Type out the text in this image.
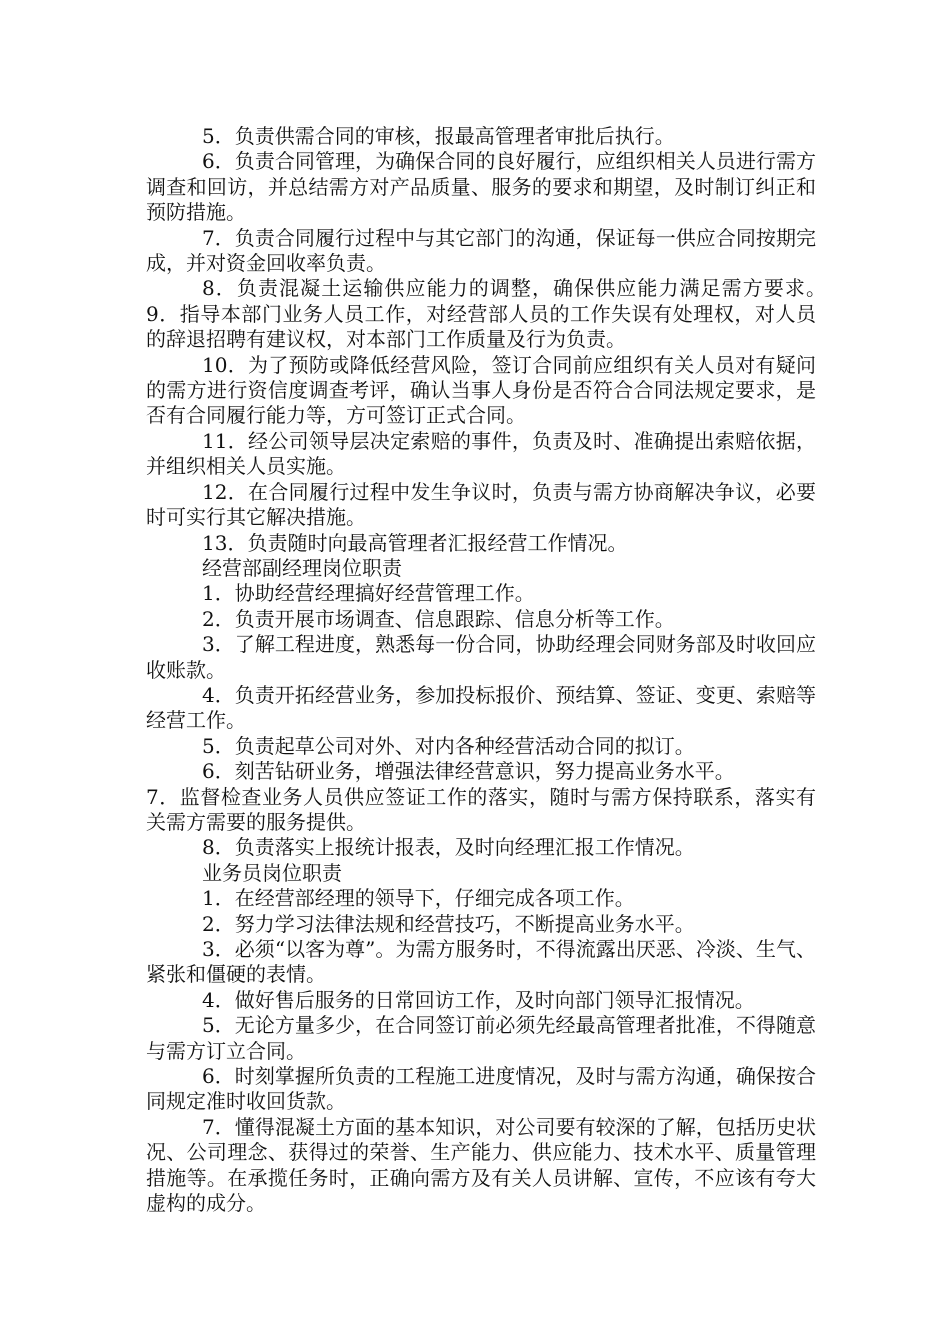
5．负责供需合同的审核，报最高管理者审批后执行。

6．负责合同管理，为确保合同的良好履行，应组织相关人员进行需方调查和回访，并总结需方对产品质量、服务的要求和期望，及时制订纠正和预防措施。

7．负责合同履行过程中与其它部门的沟通，保证每一供应合同按期完成，并对资金回收率负责。

8．负责混凝土运输供应能力的调整，确保供应能力满足需方要求。　9．指导本部门业务人员工作，对经营部人员的工作失误有处理权，对人员的辞退招聘有建议权，对本部门工作质量及行为负责。

10．为了预防或降低经营风险，签订合同前应组织有关人员对有疑问的需方进行资信度调查考评，确认当事人身份是否符合合同法规定要求，是否有合同履行能力等，方可签订正式合同。

11．经公司领导层决定索赔的事件，负责及时、准确提出索赔依据，并组织相关人员实施。

12．在合同履行过程中发生争议时，负责与需方协商解决争议，必要时可实行其它解决措施。

13．负责随时向最高管理者汇报经营工作情况。

经营部副经理岗位职责

1．协助经营经理搞好经营管理工作。

2．负责开展市场调查、信息跟踪、信息分析等工作。

3．了解工程进度，熟悉每一份合同，协助经理会同财务部及时收回应收账款。

4．负责开拓经营业务，参加投标报价、预结算、签证、变更、索赔等经营工作。

5．负责起草公司对外、对内各种经营活动合同的拟订。

6．刻苦钻研业务，增强法律经营意识，努力提高业务水平。

7．监督检查业务人员供应签证工作的落实，随时与需方保持联系，落实有关需方需要的服务提供。

8．负责落实上报统计报表，及时向经理汇报工作情况。

业务员岗位职责

1．在经营部经理的领导下，仔细完成各项工作。

2．努力学习法律法规和经营技巧，不断提高业务水平。

3．必须“以客为尊”。为需方服务时，不得流露出厌恶、冷淡、生气、紧张和僵硬的表情。

4．做好售后服务的日常回访工作，及时向部门领导汇报情况。

5．无论方量多少，在合同签订前必须先经最高管理者批准，不得随意与需方订立合同。

6．时刻掌握所负责的工程施工进度情况，及时与需方沟通，确保按合同规定准时收回货款。

7．懂得混凝土方面的基本知识，对公司要有较深的了解，包括历史状况、公司理念、获得过的荣誉、生产能力、供应能力、技术水平、质量管理措施等。在承揽任务时，正确向需方及有关人员讲解、宣传，不应该有夸大虚构的成分。
